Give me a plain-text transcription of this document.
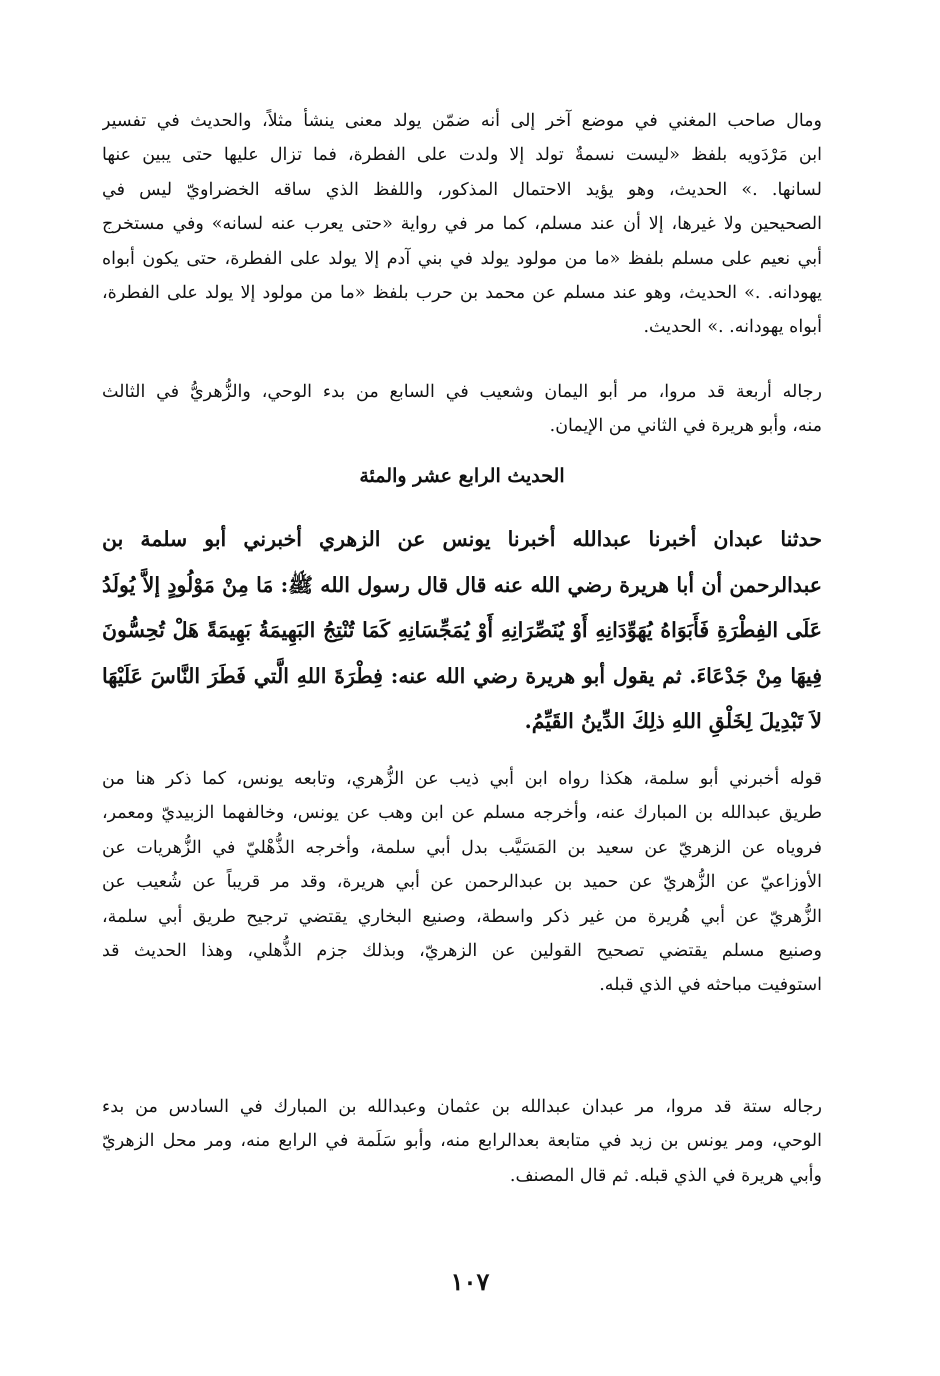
ومال صاحب المغني في موضع آخر إلى أنه ضمّن يولد معنى ينشأ مثلاً، والحديث في تفسير
ابن مَرْدَويه بلفظ «ليست نسمةٌ تولد إلا ولدت على الفطرة، فما تزال عليها حتى يبين عنها
لسانها. .» الحديث، وهو يؤيد الاحتمال المذكور، واللفظ الذي ساقه الخضراويّ ليس في
الصحيحين ولا غيرها، إلا أن عند مسلم، كما مر في رواية «حتى يعرب عنه لسانه» وفي مستخرج
أبي نعيم على مسلم بلفظ «ما من مولود يولد في بني آدم إلا يولد على الفطرة، حتى يكون أبواه
يهودانه. .» الحديث، وهو عند مسلم عن محمد بن حرب بلفظ «ما من مولود إلا يولد على الفطرة،
أبواه يهودانه. .» الحديث.
رجاله أربعة قد مروا، مر أبو اليمان وشعيب في السابع من بدء الوحي، والزُّهريُّ في الثالث
منه، وأبو هريرة في الثاني من الإيمان.
الحديث الرابع عشر والمئة
حدثنا عبدان أخبرنا عبدالله أخبرنا يونس عن الزهري أخبرني أبو سلمة بن
عبدالرحمن أن أبا هريرة رضي الله عنه قال قال رسول الله ﷺ: مَا مِنْ مَوْلُودٍ إلاَّ يُولَدُ
عَلَى الفِطْرَةِ فَأَبَوَاهُ يُهَوِّدَانِهِ أَوْ يُنَصِّرَانِهِ أَوْ يُمَجِّسَانِهِ كَمَا تُنْتِجُ البَهِيمَةُ بَهِيمَةً هَلْ تُحِسُّونَ
فِيهَا مِنْ جَدْعَاءَ. ثم يقول أبو هريرة رضي الله عنه: فِطْرَةَ اللهِ الَّتي فَطَرَ النَّاسَ عَلَيْهَا
لاَ تَبْدِيلَ لِخَلْقِ اللهِ ذلِكَ الدِّينُ القَيِّمُ.
قوله أخبرني أبو سلمة، هكذا رواه ابن أبي ذيب عن الزُّهري، وتابعه يونس، كما ذكر هنا من
طريق عبدالله بن المبارك عنه، وأخرجه مسلم عن ابن وهب عن يونس، وخالفهما الزبيديّ ومعمر،
فروياه عن الزهريّ عن سعيد بن المَسَيَّب بدل أبي سلمة، وأخرجه الذُّهْليّ في الزُّهريات عن
الأوزاعيّ عن الزُّهريّ عن حميد بن عبدالرحمن عن أبي هريرة، وقد مر قريباً عن شُعيب عن
الزُّهريّ عن أبي هُريرة من غير ذكر واسطة، وصنيع البخاري يقتضي ترجيح طريق أبي سلمة،
وصنيع مسلم يقتضي تصحيح القولين عن الزهريّ، وبذلك جزم الذُّهلي، وهذا الحديث قد
استوفيت مباحثه في الذي قبله.
رجاله ستة قد مروا، مر عبدان عبدالله بن عثمان وعبدالله بن المبارك في السادس من بدء
الوحي، ومر يونس بن زيد في متابعة بعدالرابع منه، وأبو سَلَمة في الرابع منه، ومر محل الزهريّ
وأبي هريرة في الذي قبله. ثم قال المصنف.
١٠٧
